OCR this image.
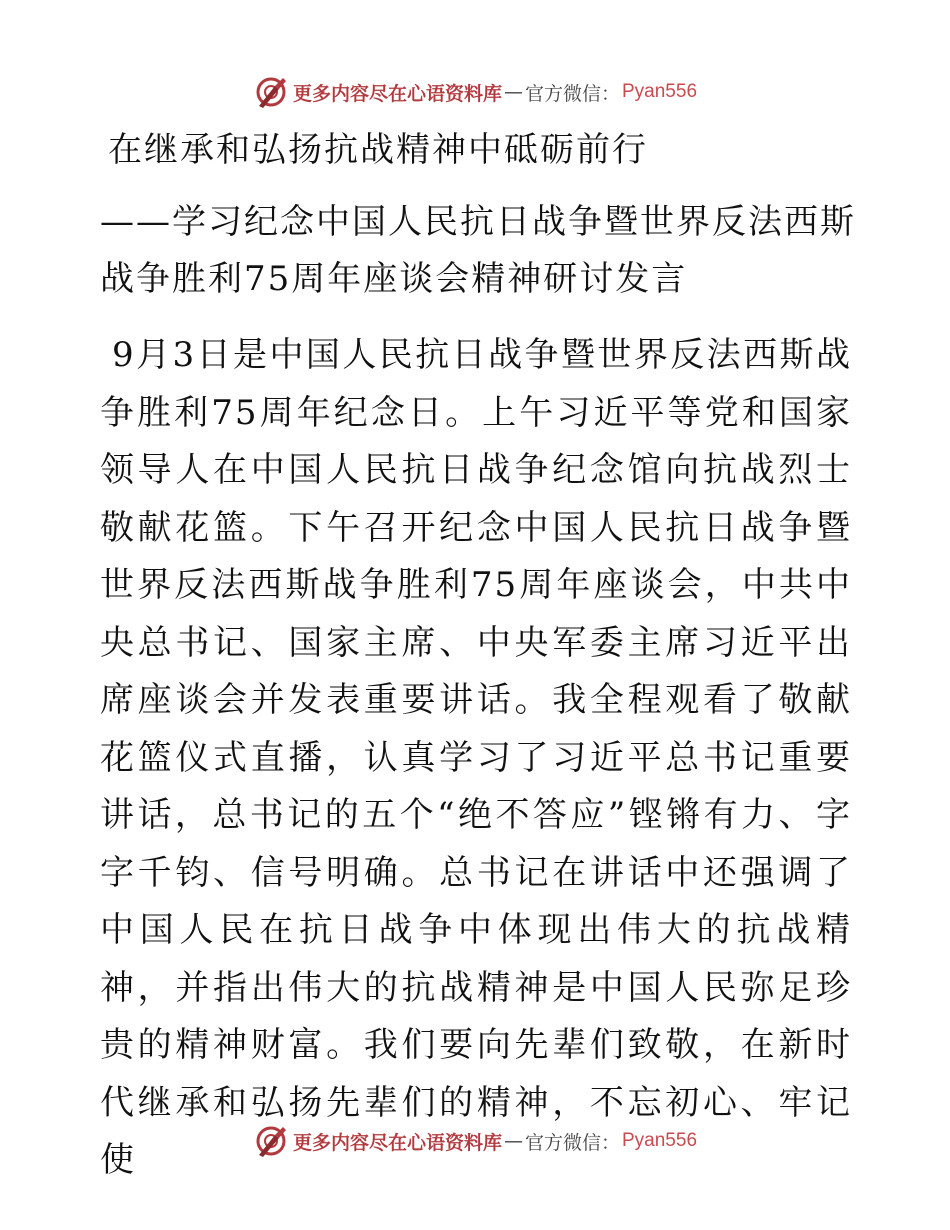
更多内容尽在心语资料库 — 官方微信： Pyan556
在继承和弘扬抗战精神中砥砺前行

——学习纪念中国人民抗日战争暨世界反法西斯战争胜利75周年座谈会精神研讨发言

9月3日是中国人民抗日战争暨世界反法西斯战争胜利75周年纪念日。上午习近平等党和国家领导人在中国人民抗日战争纪念馆向抗战烈士敬献花篮。下午召开纪念中国人民抗日战争暨世界反法西斯战争胜利75周年座谈会，中共中央总书记、国家主席、中央军委主席习近平出席座谈会并发表重要讲话。我全程观看了敬献花篮仪式直播，认真学习了习近平总书记重要讲话，总书记的五个“绝不答应”铿锵有力、字字千钧、信号明确。总书记在讲话中还强调了中国人民在抗日战争中体现出伟大的抗战精神，并指出伟大的抗战精神是中国人民弥足珍贵的精神财富。我们要向先辈们致敬，在新时代继承和弘扬先辈们的精神，不忘初心、牢记使	更多内容尽在心语资料库 — 官方微信： Pyan556
